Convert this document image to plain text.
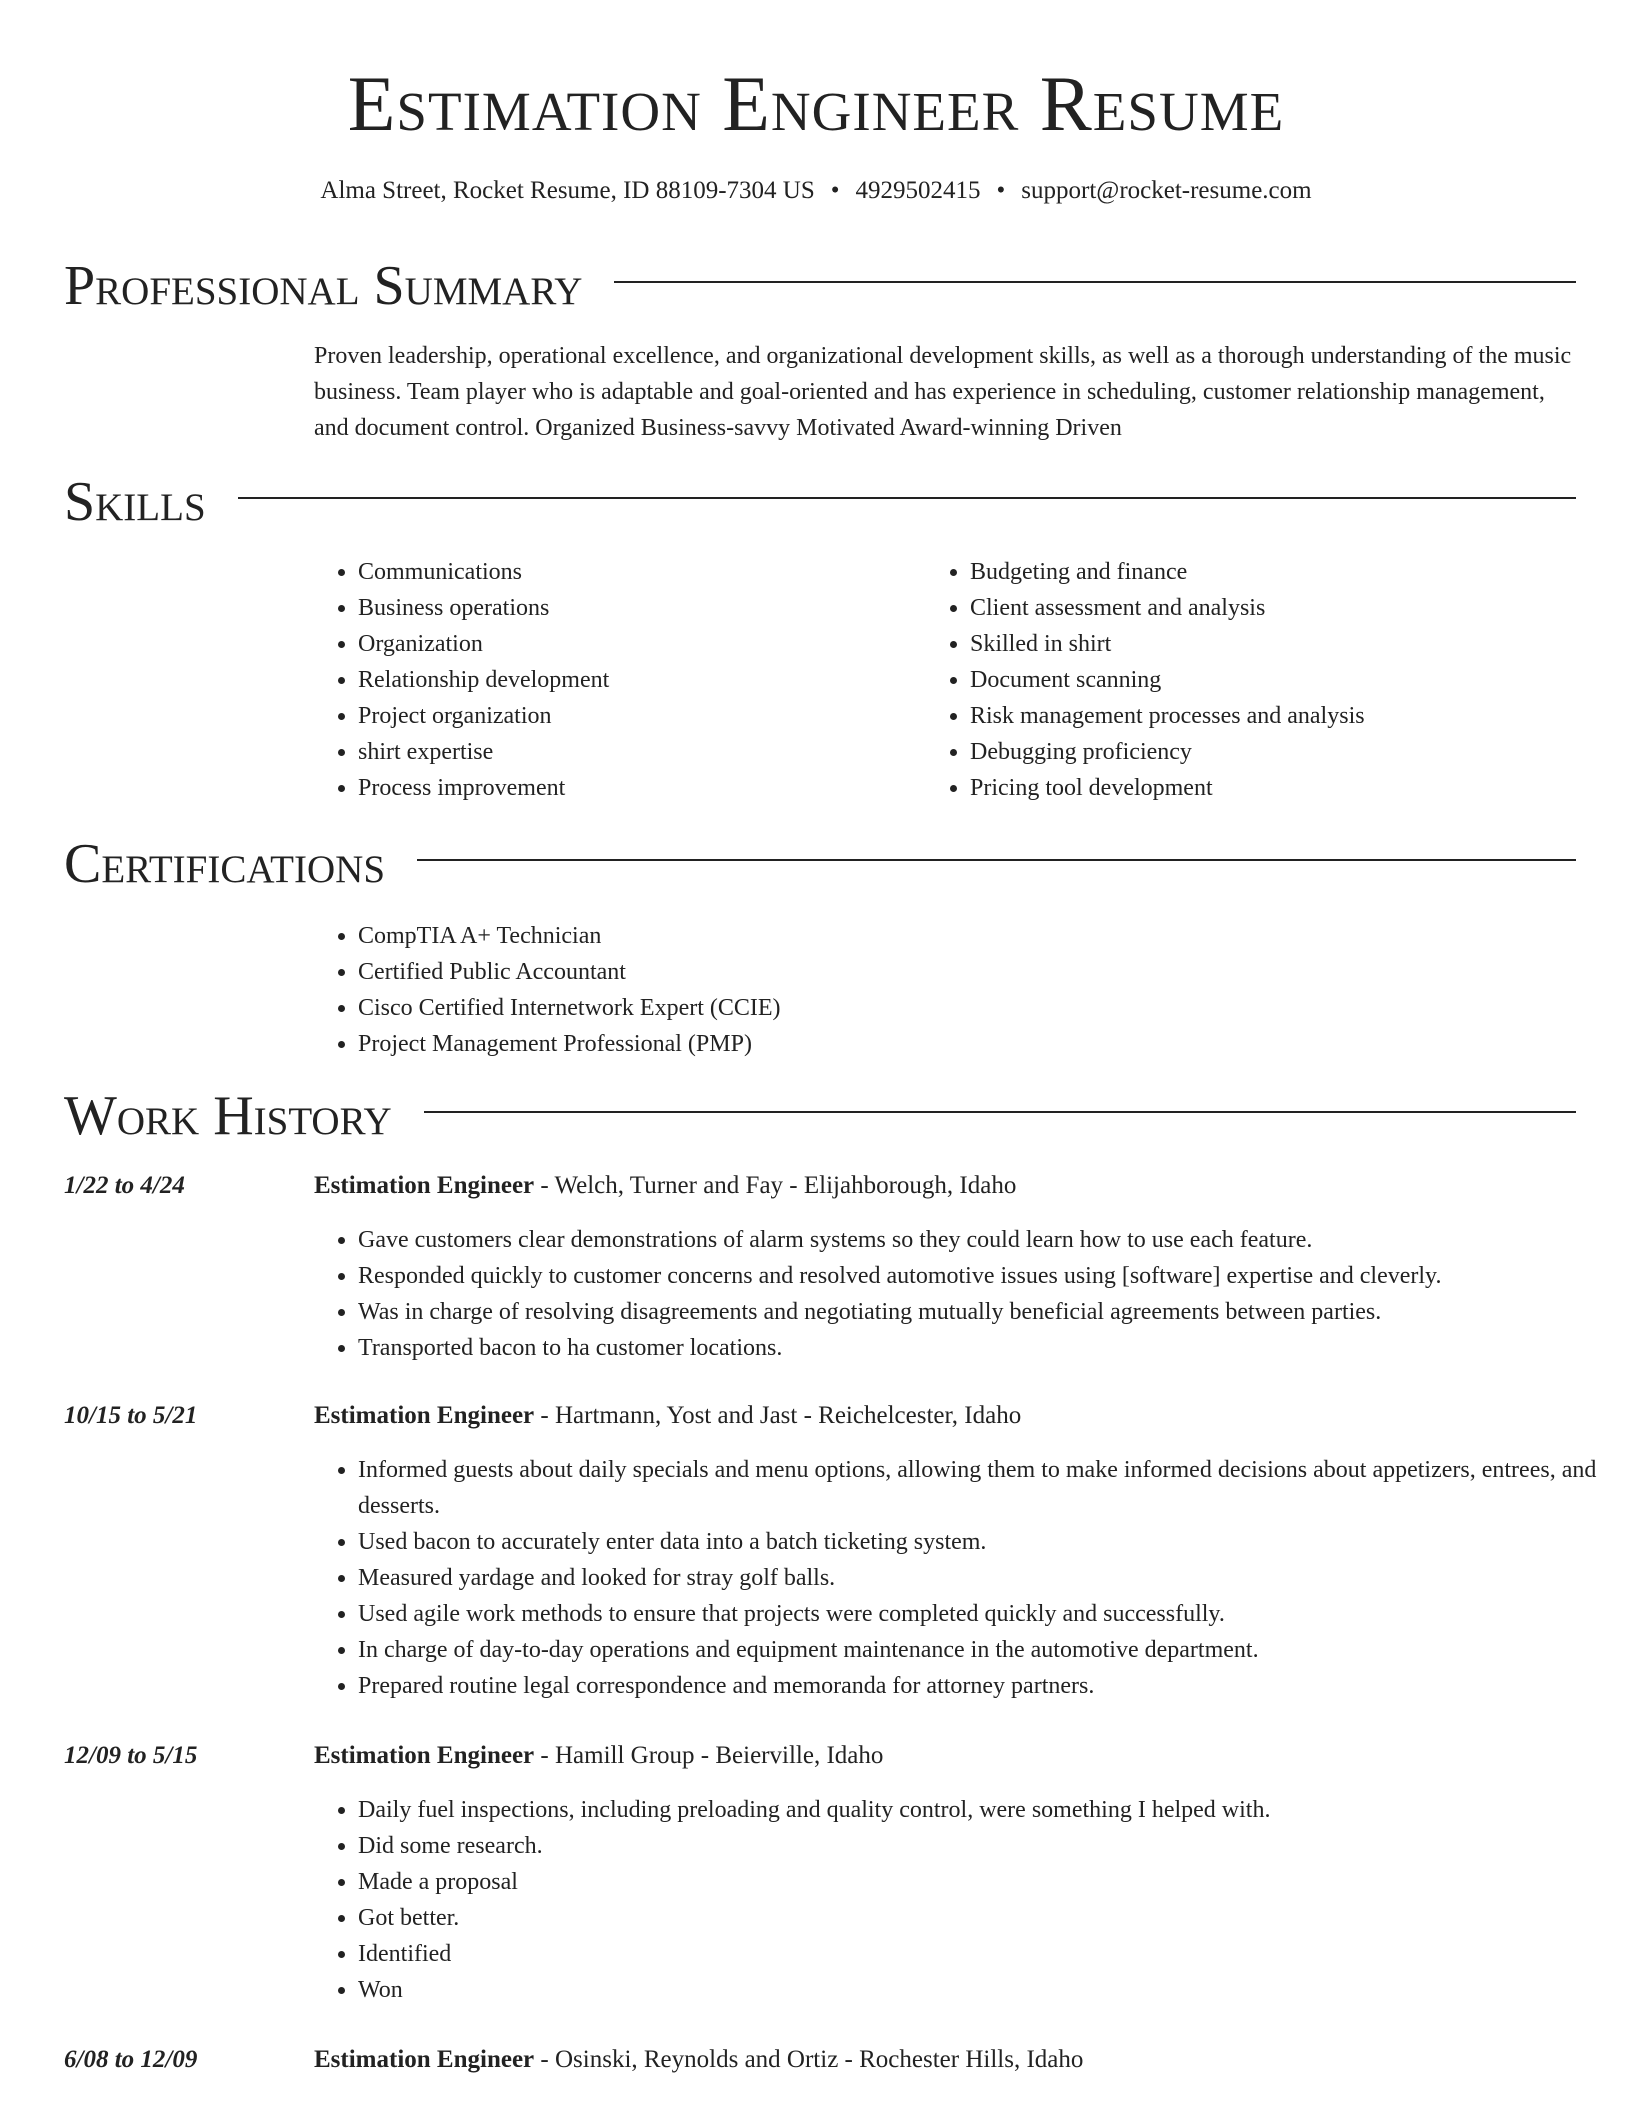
Estimation Engineer Resume
Alma Street, Rocket Resume, ID 88109-7304 US • 4929502415 • support@rocket-resume.com
Professional Summary

Proven leadership, operational excellence, and organizational development skills, as well as a thorough understanding of the music business. Team player who is adaptable and goal-oriented and has experience in scheduling, customer relationship management, and document control. Organized Business-savvy Motivated Award-winning Driven

Skills
• Communications
• Business operations
• Organization
• Relationship development
• Project organization
• shirt expertise
• Process improvement
• Budgeting and finance
• Client assessment and analysis
• Skilled in shirt
• Document scanning
• Risk management processes and analysis
• Debugging proficiency
• Pricing tool development
Certifications
• CompTIA A+ Technician
• Certified Public Accountant
• Cisco Certified Internetwork Expert (CCIE)
• Project Management Professional (PMP)
Work History
1/22 to 4/24	Estimation Engineer - Welch, Turner and Fay - Elijahborough, Idaho
• Gave customers clear demonstrations of alarm systems so they could learn how to use each feature.
• Responded quickly to customer concerns and resolved automotive issues using [software] expertise and cleverly.
• Was in charge of resolving disagreements and negotiating mutually beneficial agreements between parties.
• Transported bacon to ha customer locations.
10/15 to 5/21	Estimation Engineer - Hartmann, Yost and Jast - Reichelcester, Idaho
• Informed guests about daily specials and menu options, allowing them to make informed decisions about appetizers, entrees, and desserts.
• Used bacon to accurately enter data into a batch ticketing system.
• Measured yardage and looked for stray golf balls.
• Used agile work methods to ensure that projects were completed quickly and successfully.
• In charge of day-to-day operations and equipment maintenance in the automotive department.
• Prepared routine legal correspondence and memoranda for attorney partners.
12/09 to 5/15	Estimation Engineer - Hamill Group - Beierville, Idaho
• Daily fuel inspections, including preloading and quality control, were something I helped with.
• Did some research.
• Made a proposal
• Got better.
• Identified
• Won
6/08 to 12/09	Estimation Engineer - Osinski, Reynolds and Ortiz - Rochester Hills, Idaho
